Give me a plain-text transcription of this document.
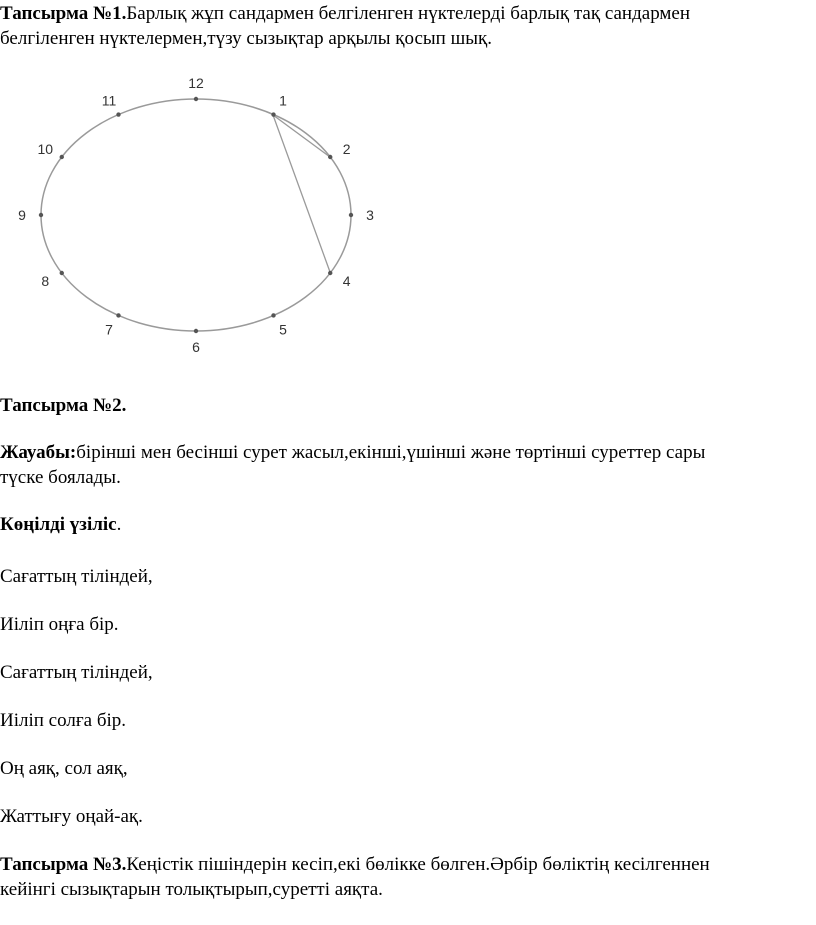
Тапсырма №1.Барлық жұп сандармен белгіленген нүктелерді барлық тақ сандармен

белгіленген нүктелермен,түзу сызықтар арқылы қосып шық.

12
1
2
3
4
5
6
7
8
9
10
11

Тапсырма №2.

Жауабы:бірінші мен бесінші сурет жасыл,екінші,үшінші және төртінші суреттер сары

түске боялады.

Көңілді үзіліс.

Сағаттың тіліндей,

Иіліп оңға бір.

Сағаттың тіліндей,

Иіліп солға бір.

Оң аяқ, сол аяқ,

Жаттығу оңай-ақ.

Тапсырма №3.Кеңістік пішіндерін кесіп,екі бөлікке бөлген.Әрбір бөліктің кесілгеннен

кейінгі сызықтарын толықтырып,суретті аяқта.
